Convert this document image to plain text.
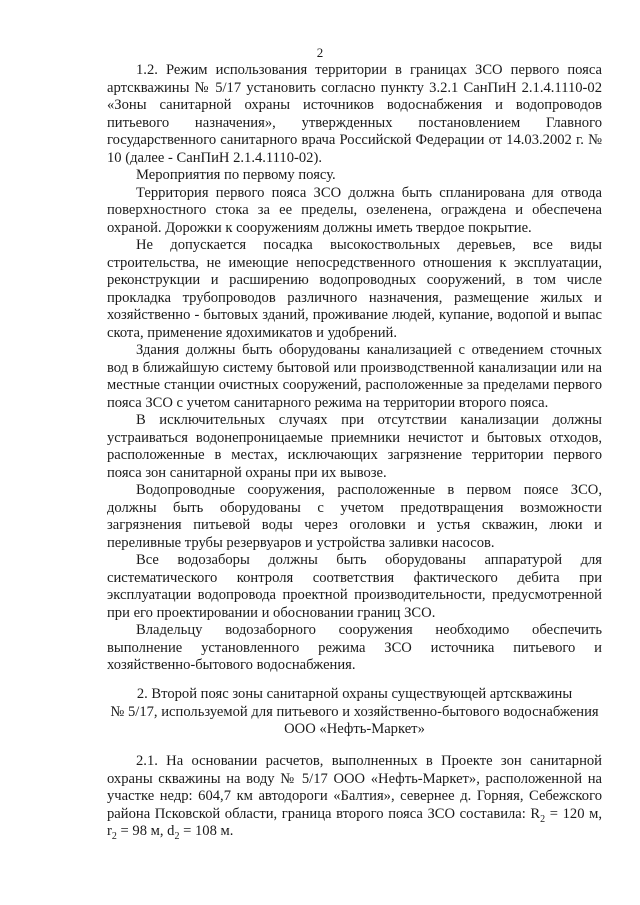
2

1.2. Режим использования территории в границах ЗСО первого пояса артскважины № 5/17 установить согласно пункту 3.2.1 СанПиН 2.1.4.1110-02 «Зоны санитарной охраны источников водоснабжения и водопроводов питьевого назначения», утвержденных постановлением Главного государственного санитарного врача Российской Федерации от 14.03.2002 г. № 10 (далее - СанПиН 2.1.4.1110-02).

Мероприятия по первому поясу.

Территория первого пояса ЗСО должна быть спланирована для отвода поверхностного стока за ее пределы, озеленена, ограждена и обеспечена охраной. Дорожки к сооружениям должны иметь твердое покрытие.

Не допускается посадка высокоствольных деревьев, все виды строительства, не имеющие непосредственного отношения к эксплуатации, реконструкции и расширению водопроводных сооружений, в том числе прокладка трубопроводов различного назначения, размещение жилых и хозяйственно - бытовых зданий, проживание людей, купание, водопой и выпас скота, применение ядохимикатов и удобрений.

Здания должны быть оборудованы канализацией с отведением сточных вод в ближайшую систему бытовой или производственной канализации или на местные станции очистных сооружений, расположенные за пределами первого пояса ЗСО с учетом санитарного режима на территории второго пояса.

В исключительных случаях при отсутствии канализации должны устраиваться водонепроницаемые приемники нечистот и бытовых отходов, расположенные в местах, исключающих загрязнение территории первого пояса зон санитарной охраны при их вывозе.

Водопроводные сооружения, расположенные в первом поясе ЗСО, должны быть оборудованы с учетом предотвращения возможности загрязнения питьевой воды через оголовки и устья скважин, люки и переливные трубы резервуаров и устройства заливки насосов.

Все водозаборы должны быть оборудованы аппаратурой для систематического контроля соответствия фактического дебита при эксплуатации водопровода проектной производительности, предусмотренной при его проектировании и обосновании границ ЗСО.

Владельцу водозаборного сооружения необходимо обеспечить выполнение установленного режима ЗСО источника питьевого и хозяйственно-бытового водоснабжения.

2. Второй пояс зоны санитарной охраны существующей артскважины
№ 5/17, используемой для питьевого и хозяйственно-бытового водоснабжения
ООО «Нефть-Маркет»

2.1. На основании расчетов, выполненных в Проекте зон санитарной охраны скважины на воду № 5/17 ООО «Нефть-Маркет», расположенной на участке недр: 604,7 км автодороги «Балтия», севернее д. Горняя, Себежского района Псковской области, граница второго пояса ЗСО составила: $R_2 = 120$ м, $r_2 = 98$ м, $d_2 = 108$ м.
